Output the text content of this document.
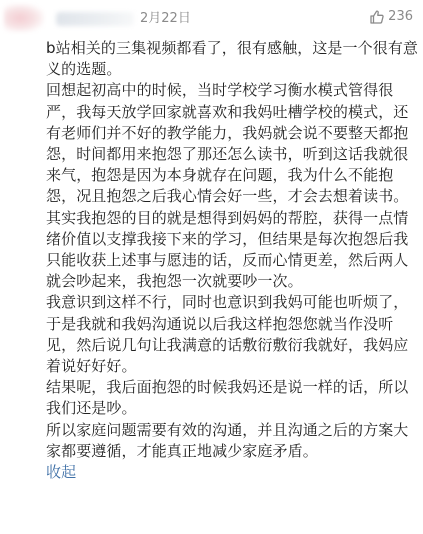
2月22日	236

b站相关的三集视频都看了，很有感触，这是一个很有意义的选题。

回想起初高中的时候，当时学校学习衡水模式管得很严，我每天放学回家就喜欢和我妈吐槽学校的模式，还有老师们并不好的教学能力，我妈就会说不要整天都抱怨，时间都用来抱怨了那还怎么读书，听到这话我就很来气，抱怨是因为本身就存在问题，我为什么不能抱怨，况且抱怨之后我心情会好一些，才会去想着读书。

其实我抱怨的目的就是想得到妈妈的帮腔，获得一点情绪价值以支撑我接下来的学习，但结果是每次抱怨后我只能收获上述事与愿违的话，反而心情更差，然后两人就会吵起来，我抱怨一次就要吵一次。

我意识到这样不行，同时也意识到我妈可能也听烦了，于是我就和我妈沟通说以后我这样抱怨您就当作没听见，然后说几句让我满意的话敷衍敷衍我就好，我妈应着说好好好。

结果呢，我后面抱怨的时候我妈还是说一样的话，所以我们还是吵。

所以家庭问题需要有效的沟通，并且沟通之后的方案大家都要遵循，才能真正地减少家庭矛盾。

收起
